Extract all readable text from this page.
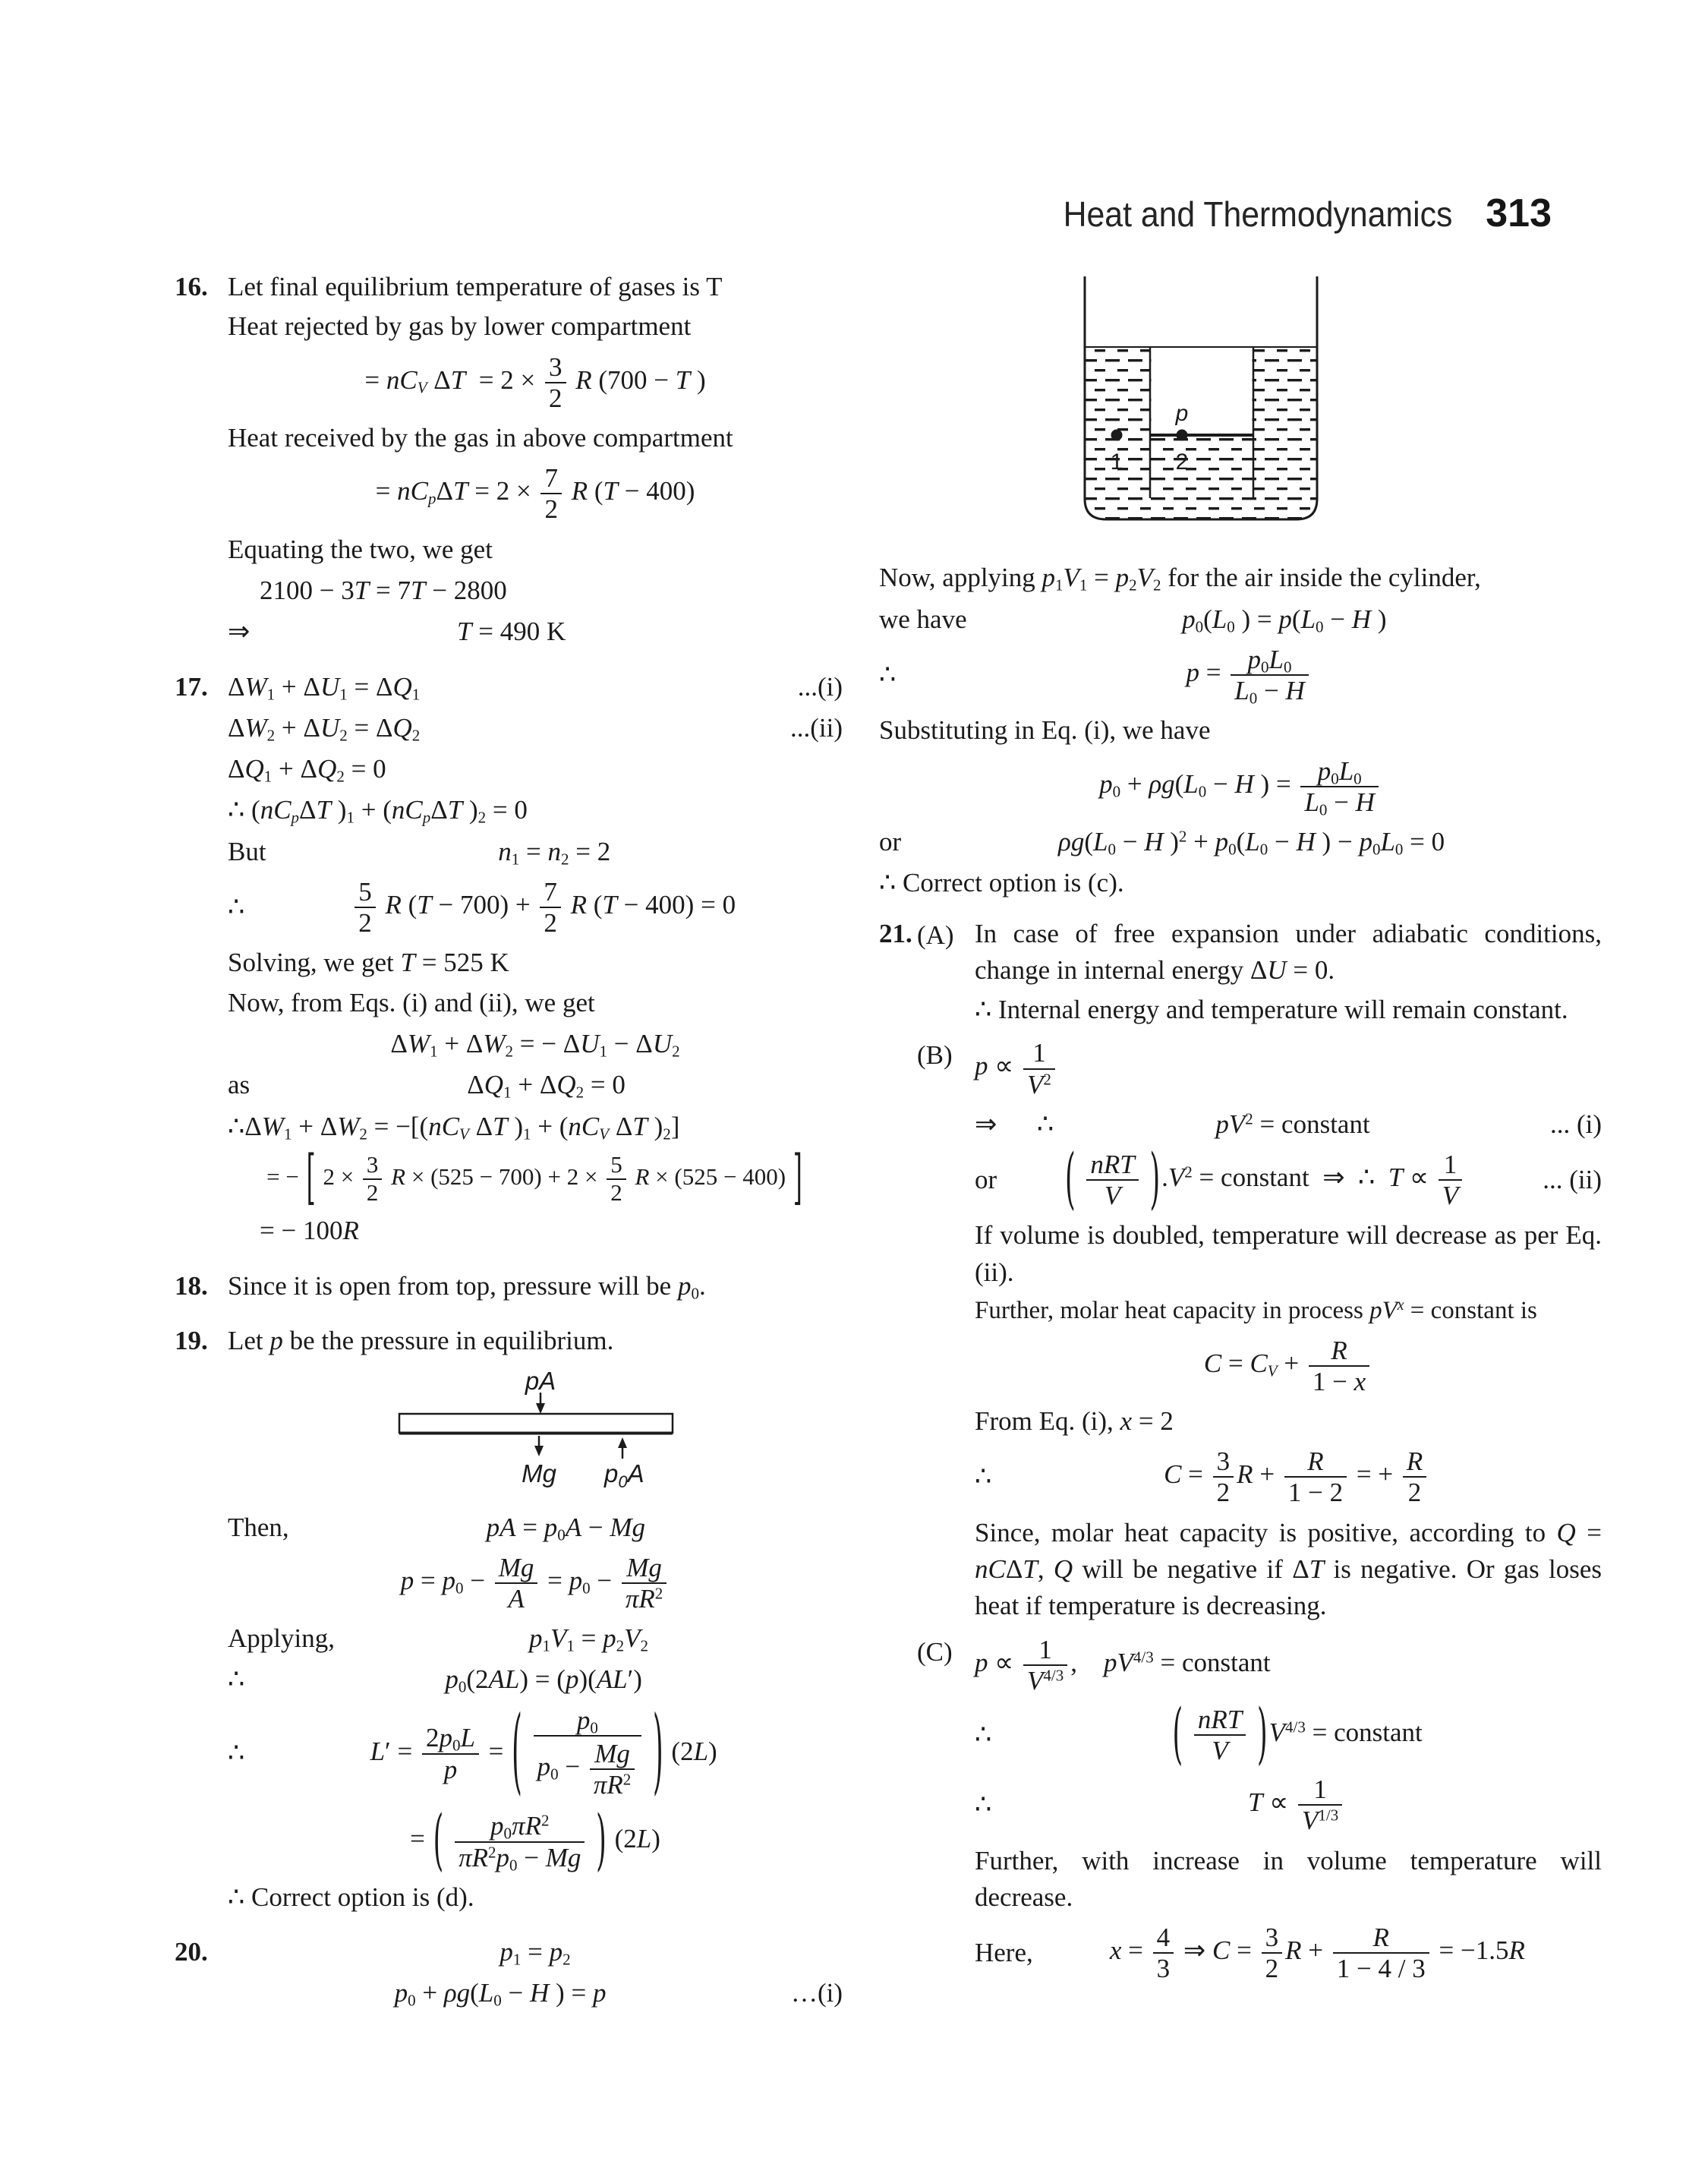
Heat and Thermodynamics 313
16. Let final equilibrium temperature of gases is T
Heat rejected by gas by lower compartment
= $nC_V$ $\Delta T = 2 \times \frac{3}{2}$ R (700 − T )
Heat received by the gas in above compartment
= $nC_p\Delta T = 2 \times \frac{7}{2}$ R (T − 400)
Equating the two, we get
2100 − 3T = 7T − 2800
⇒	T = 490 K
17. $\Delta W_1 + \Delta U_1 = \Delta Q_1$	...(i)
$\Delta W_2 + \Delta U_2 = \Delta Q_2$	...(ii)
$\Delta Q_1 + \Delta Q_2 = 0$
∴ ($nC_p\Delta T$ )$_1 + (nC_p\Delta T$ )$_2 = 0$
But	$n_1 = n_2 = 2$
∴	$\frac{5}{2}$ R $(T - 700) + \frac{7}{2}$ R (T − 400) = 0
Solving, we get T = 525 K
Now, from Eqs. (i) and (ii), we get
$\Delta W_1 + \Delta W_2$ = − $\Delta U_1 - \Delta U_2$
as	$\Delta Q_1 + \Delta Q_2 = 0$
∴ $\Delta W_1 + \Delta W_2 = -[(nC_V$ ΔT )$_1 + (nC_V$ ΔT )$_2$]
= − [ $2 \times \frac{3}{2}$ $R \times (525 - 700) + 2 \times \frac{5}{2}$ R × (525 − 400) ]
= − 100R
18. Since it is open from top, pressure will be $p_0$.
19. Let p be the pressure in equilibrium.
pA
Mg $p_0A$
Then,	pA = $p_0A - Mg$
$p = p_0 - \frac{Mg}{A} = p_0 - \frac{Mg}{\pi R^2}$
Applying,	$p_1V_1 = p_2V_2$
∴	$p_0(2AL) = (p)(AL')$
∴	$L' = \frac{2p_0L}{p}$ = ( $\frac{p_0}{p_0 - \frac{Mg}{\pi R^2}}$ ) (2L)
= ( $\frac{p_0\pi R^2}{\pi R^2p_0 - Mg}$ ) (2L)
∴ Correct option is (d).
20.	$p_1 = p_2$
$p_0 + \rho g(L_0 - H$ ) = p	…(i)
p
1 2
Now, applying $p_1V_1 = p_2V_2$ for the air inside the cylinder,
we have	$p_0(L_0$ ) = $p(L_0 - H$ )
∴	$p = \frac{p_0L_0}{L_0 - H}$
Substituting in Eq. (i), we have
$p_0 + \rho g(L_0 - H$ ) = $\frac{p_0L_0}{L_0 - H}$
or	$\rho g(L_0 - H$ )$^2 + p_0(L_0 - H$ ) − $p_0L_0 = 0$
∴ Correct option is (c).
21. (A) In case of free expansion under adiabatic conditions, change in internal energy ΔU = 0.
∴ Internal energy and temperature will remain constant.
(B) $p \propto \frac{1}{V^2}$
⇒      ∴	$pV^2$ = constant	... (i)
or	( $\frac{\text{nRT}}{V} ).V^2$ = constant ⇒ ∴ $T \propto \frac{1}{V}$	... (ii)
If volume is doubled, temperature will decrease as per Eq. (ii).
Further, molar heat capacity in process $pV^x$ = constant is
$C = C_V + \frac{R}{1 - x}$
From Eq. (i), x = 2
∴	$C = \frac{3}{2}$ $R + \frac{R}{1 - 2}$ = + $\frac{R}{2}$
Since, molar heat capacity is positive, according to Q = nCΔT, Q will be negative if ΔT is negative. Or gas loses heat if temperature is decreasing.
(C) $p \propto \frac{1}{V^{4/3}}$ , $pV^{4/3}$ = constant
∴	( $\frac{\text{nRT}}{V} )V^{4/3}$ = constant
∴	$T \propto \frac{1}{V^{1/3}}$
Further, with increase in volume temperature will decrease.
Here,	$x = \frac{4}{3}$ ⇒ $C = \frac{3}{2}$ $R + \frac{R}{1 - 4 / 3} = -1.5R$
